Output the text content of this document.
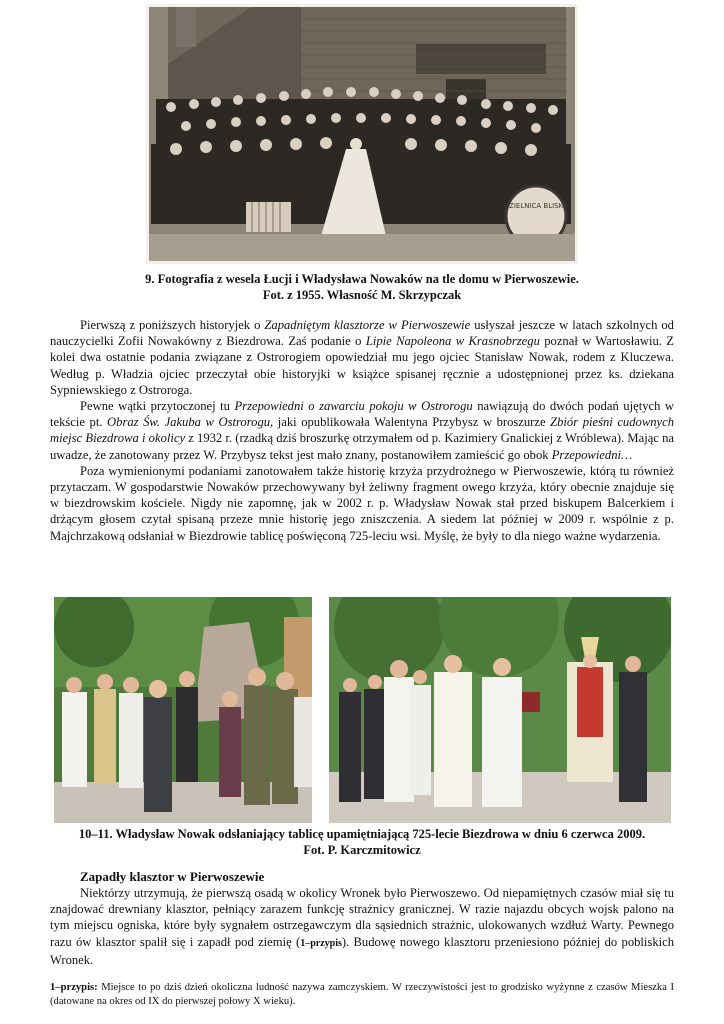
DZIELNICA BLISKO
9. Fotografia z wesela Łucji i Władysława Nowaków na tle domu w Pierwoszewie.
Fot. z 1955. Własność M. Skrzypczak

Pierwszą z poniższych historyjek o Zapadniętym klasztorze w Pierwoszewie usłyszał jeszcze w latach szkolnych od nauczycielki Zofii Nowakówny z Biezdrowa. Zaś podanie o Lipie Napoleona w Krasnobrzegu poznał w Wartosławiu. Z kolei dwa ostatnie podania związane z Ostrorogiem opowiedział mu jego ojciec Stanisław Nowak, rodem z Kluczewa. Według p. Władzia ojciec przeczytał obie historyjki w książce spisanej ręcznie a udostępnionej przez ks. dziekana Sypniewskiego z Ostroroga.

Pewne wątki przytoczonej tu Przepowiedni o zawarciu pokoju w Ostrorogu nawiązują do dwóch podań ujętych w tekście pt. Obraz Św. Jakuba w Ostrorogu, jaki opublikowała Walentyna Przybysz w broszurze Zbiór pieśni cudownych miejsc Biezdrowa i okolicy z 1932 r. (rzadką dziś broszurkę otrzymałem od p. Kazimiery Gnalickiej z Wróblewa). Mając na uwadze, że zanotowany przez W. Przybysz tekst jest mało znany, postanowiłem zamieścić go obok Przepowiedni…

Poza wymienionymi podaniami zanotowałem także historię krzyża przydrożnego w Pierwoszewie, którą tu również przytaczam. W gospodarstwie Nowaków przechowywany był żeliwny fragment owego krzyża, który obecnie znajduje się w biezdrowskim kościele. Nigdy nie zapomnę, jak w 2002 r. p. Władysław Nowak stał przed biskupem Balcerkiem i drżącym głosem czytał spisaną przeze mnie historię jego zniszczenia. A siedem lat później w 2009 r. wspólnie z p. Majchrzakową odsłaniał w Biezdrowie tablicę poświęconą 725-leciu wsi. Myślę, że były to dla niego ważne wydarzenia.

10–11. Władysław Nowak odsłaniający tablicę upamiętniającą 725-lecie Biezdrowa w dniu 6 czerwca 2009.
Fot. P. Karczmitowicz
Zapadły klasztor w Pierwoszewie

Niektórzy utrzymują, że pierwszą osadą w okolicy Wronek było Pierwoszewo. Od niepamiętnych czasów miał się tu znajdować drewniany klasztor, pełniący zarazem funkcję strażnicy granicznej. W razie najazdu obcych wojsk palono na tym miejscu ogniska, które były sygnałem ostrzegawczym dla sąsiednich strażnic, ulokowanych wzdłuż Warty. Pewnego razu ów klasztor spalił się i zapadł pod ziemię (1–przypis). Budowę nowego klasztoru przeniesiono później do pobliskich Wronek.

1–przypis: Miejsce to po dziś dzień okoliczna ludność nazywa zamczyskiem. W rzeczywistości jest to grodzisko wyżynne z czasów Mieszka I (datowane na okres od IX do pierwszej połowy X wieku).
